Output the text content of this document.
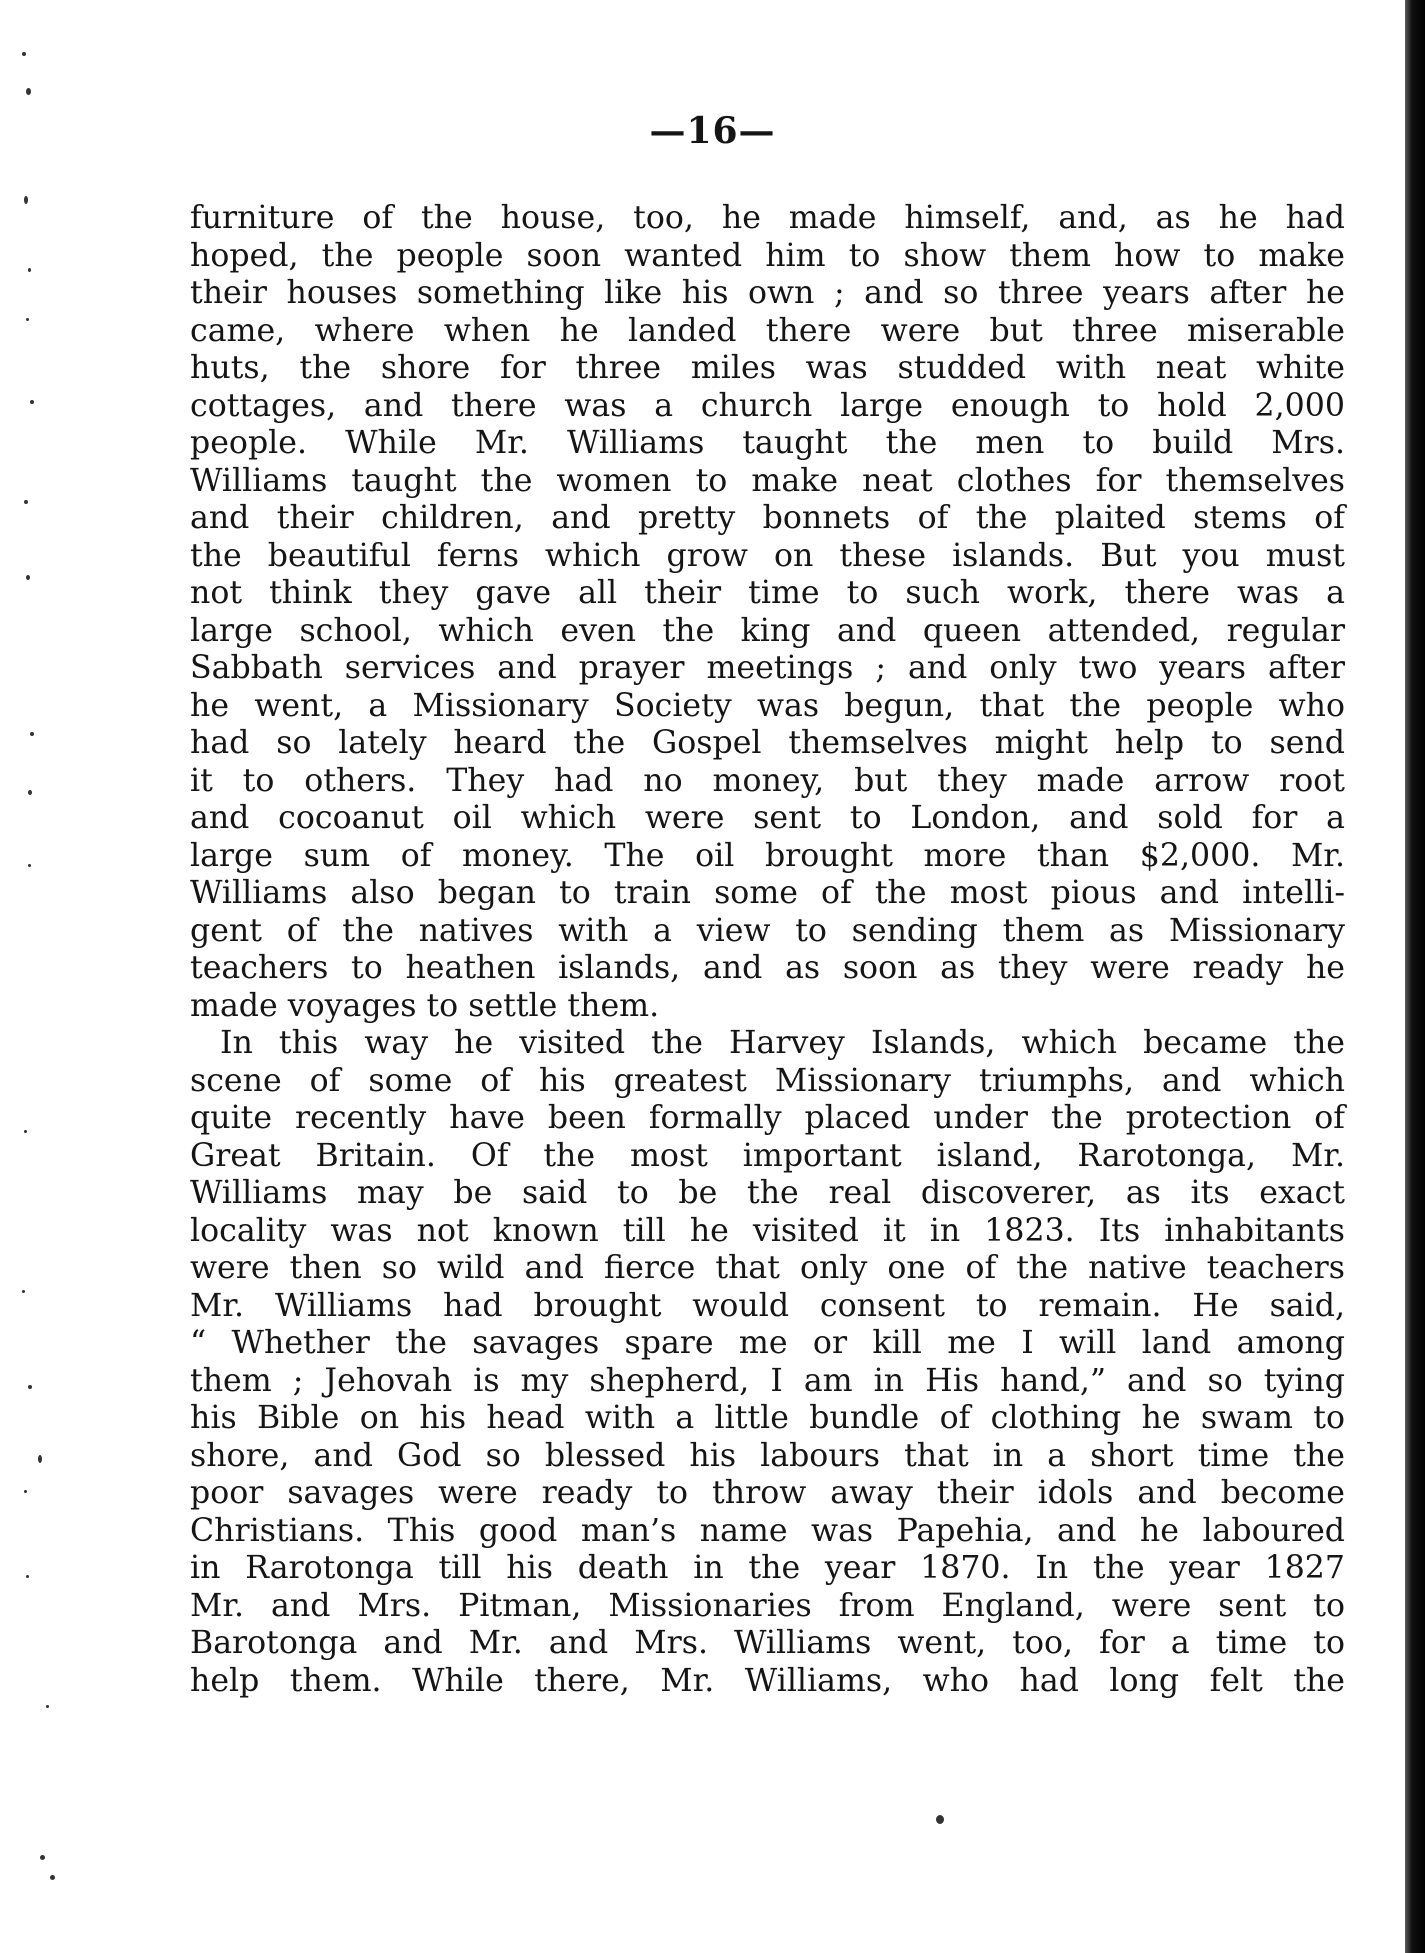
—16—
furniture of the house, too, he made himself, and, as he had
hoped, the people soon wanted him to show them how to make
their houses something like his own ; and so three years after he
came, where when he landed there were but three miserable
huts, the shore for three miles was studded with neat white
cottages, and there was a church large enough to hold 2,000
people. While Mr. Williams taught the men to build Mrs.
Williams taught the women to make neat clothes for themselves
and their children, and pretty bonnets of the plaited stems of
the beautiful ferns which grow on these islands. But you must
not think they gave all their time to such work, there was a
large school, which even the king and queen attended, regular
Sabbath services and prayer meetings ; and only two years after
he went, a Missionary Society was begun, that the people who
had so lately heard the Gospel themselves might help to send
it to others. They had no money, but they made arrow root
and cocoanut oil which were sent to London, and sold for a
large sum of money. The oil brought more than $2,000. Mr.
Williams also began to train some of the most pious and intelli-
gent of the natives with a view to sending them as Missionary
teachers to heathen islands, and as soon as they were ready he
made voyages to settle them.
In this way he visited the Harvey Islands, which became the
scene of some of his greatest Missionary triumphs, and which
quite recently have been formally placed under the protection of
Great Britain. Of the most important island, Rarotonga, Mr.
Williams may be said to be the real discoverer, as its exact
locality was not known till he visited it in 1823. Its inhabitants
were then so wild and fierce that only one of the native teachers
Mr. Williams had brought would consent to remain. He said,
“ Whether the savages spare me or kill me I will land among
them ; Jehovah is my shepherd, I am in His hand,” and so tying
his Bible on his head with a little bundle of clothing he swam to
shore, and God so blessed his labours that in a short time the
poor savages were ready to throw away their idols and become
Christians. This good man’s name was Papehia, and he laboured
in Rarotonga till his death in the year 1870. In the year 1827
Mr. and Mrs. Pitman, Missionaries from England, were sent to
Barotonga and Mr. and Mrs. Williams went, too, for a time to
help them. While there, Mr. Williams, who had long felt the
